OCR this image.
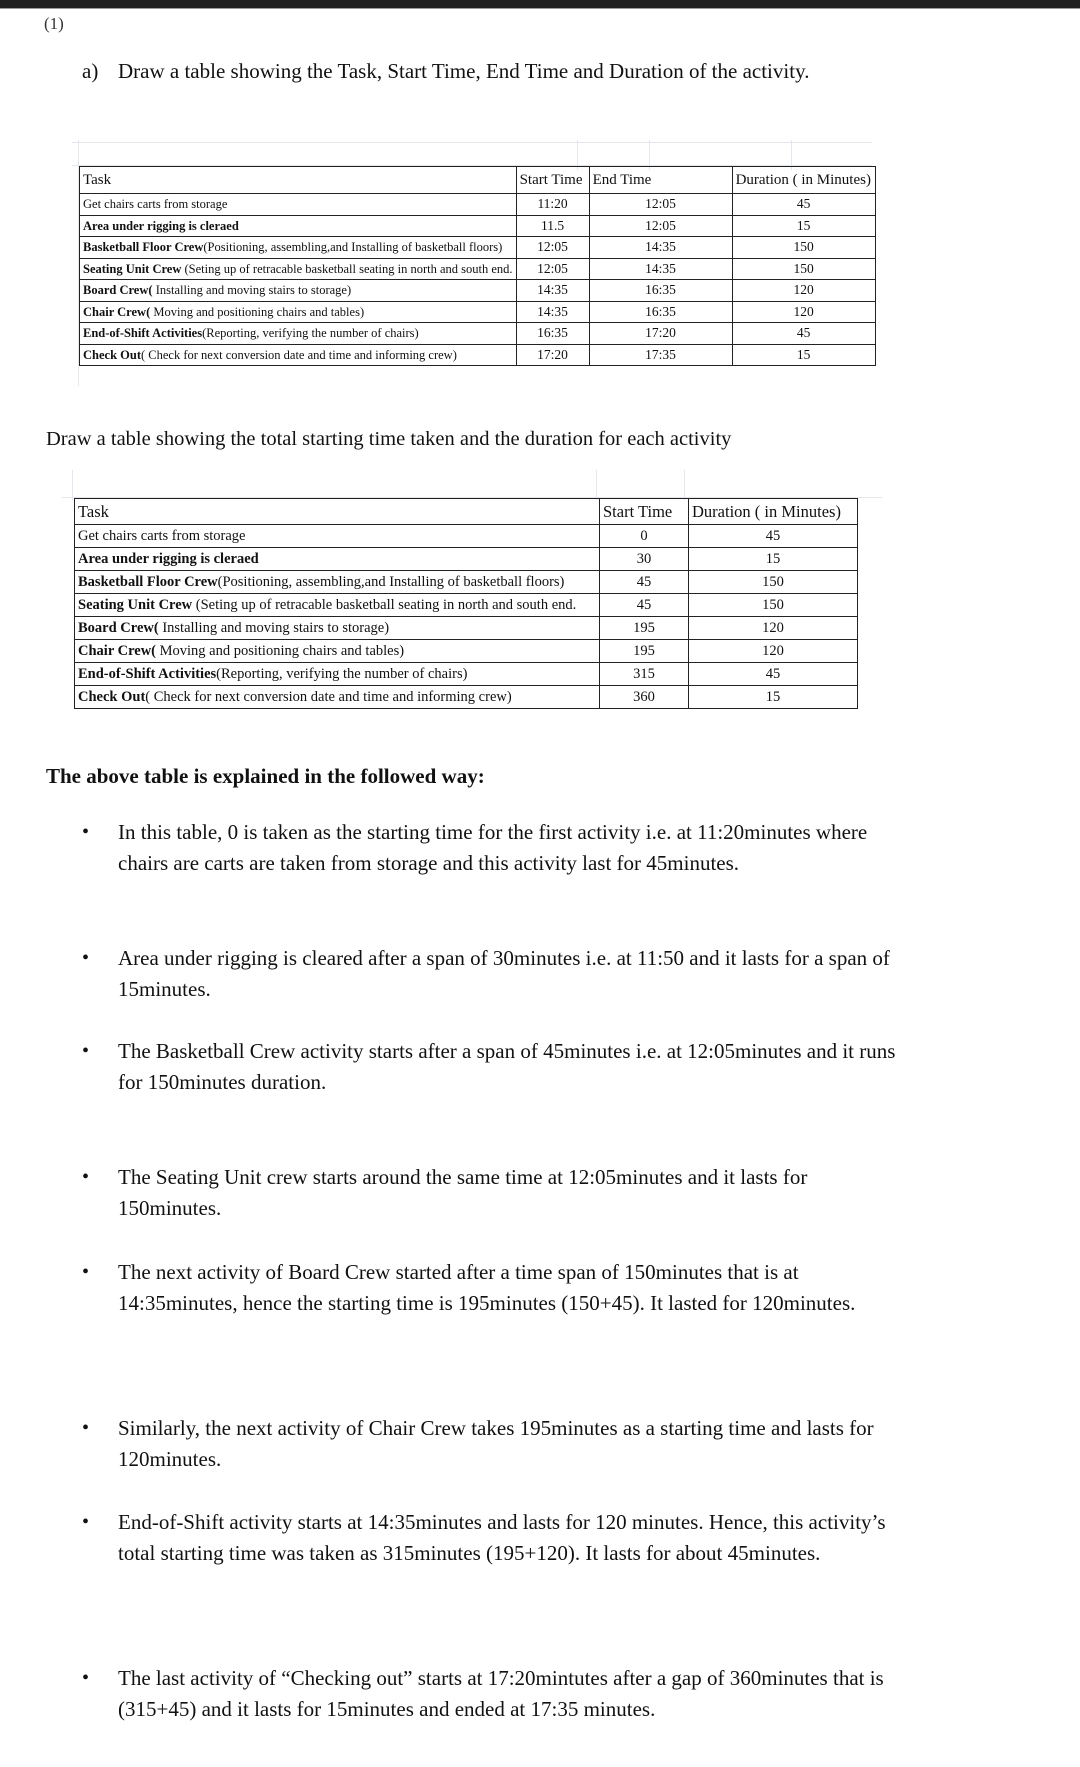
(1)
a) Draw a table showing the Task, Start Time, End Time and Duration of the activity.
Task	Start Time	End Time	Duration ( in Minutes)
Get chairs carts from storage	11:20	12:05	45
Area under rigging is cleraed	11.5	12:05	15
Basketball Floor Crew(Positioning, assembling,and Installing of basketball floors)	12:05	14:35	150
Seating Unit Crew (Seting up of retracable basketball seating in north and south end.	12:05	14:35	150
Board Crew( Installing and moving stairs to storage)	14:35	16:35	120
Chair Crew( Moving and positioning chairs and tables)	14:35	16:35	120
End-of-Shift Activities(Reporting, verifying the number of chairs)	16:35	17:20	45
Check Out( Check for next conversion date and time and informing crew)	17:20	17:35	15
Draw a table showing the total starting time taken and the duration for each activity
Task	Start Time	Duration ( in Minutes)
Get chairs carts from storage	0	45
Area under rigging is cleraed	30	15
Basketball Floor Crew(Positioning, assembling,and Installing of basketball floors)	45	150
Seating Unit Crew (Seting up of retracable basketball seating in north and south end.	45	150
Board Crew( Installing and moving stairs to storage)	195	120
Chair Crew( Moving and positioning chairs and tables)	195	120
End-of-Shift Activities(Reporting, verifying the number of chairs)	315	45
Check Out( Check for next conversion date and time and informing crew)	360	15
The above table is explained in the followed way:
• In this table, 0 is taken as the starting time for the first activity i.e. at 11:20minutes where chairs are carts are taken from storage and this activity last for 45minutes.
• Area under rigging is cleared after a span of 30minutes i.e. at 11:50 and it lasts for a span of 15minutes.
• The Basketball Crew activity starts after a span of 45minutes i.e. at 12:05minutes and it runs for 150minutes duration.
• The Seating Unit crew starts around the same time at 12:05minutes and it lasts for 150minutes.
• The next activity of Board Crew started after a time span of 150minutes that is at 14:35minutes, hence the starting time is 195minutes (150+45). It lasted for 120minutes.
• Similarly, the next activity of Chair Crew takes 195minutes as a starting time and lasts for 120minutes.
• End-of-Shift activity starts at 14:35minutes and lasts for 120 minutes. Hence, this activity’s total starting time was taken as 315minutes (195+120). It lasts for about 45minutes.
• The last activity of “Checking out” starts at 17:20mintutes after a gap of 360minutes that is (315+45) and it lasts for 15minutes and ended at 17:35 minutes.
